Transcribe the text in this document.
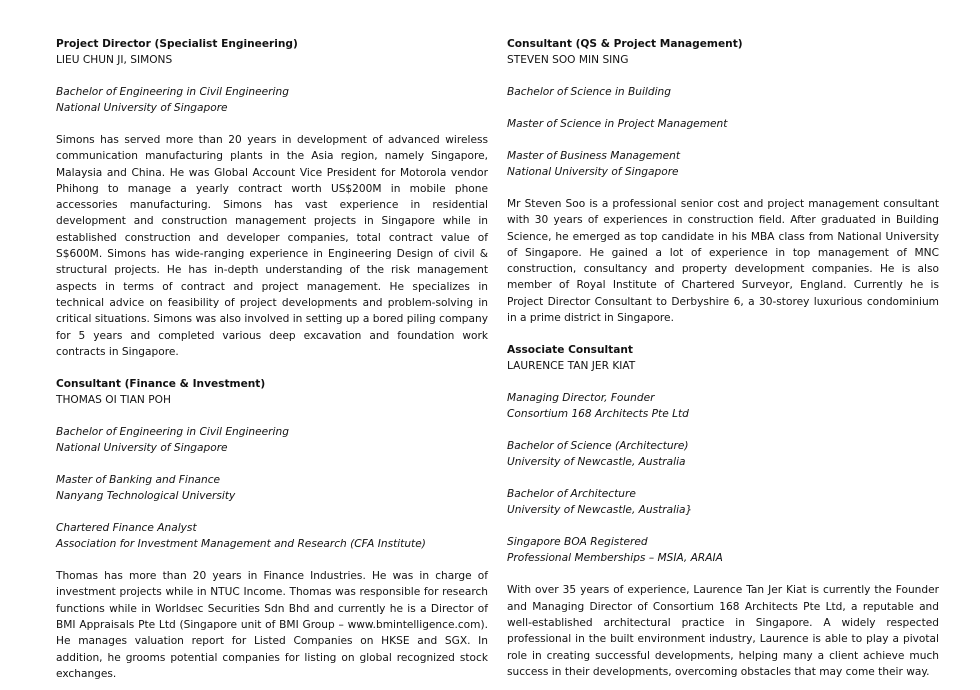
Project Director (Specialist Engineering)
LIEU CHUN JI, SIMONS
Bachelor of Engineering in Civil Engineering
National University of Singapore
Simons has served more than 20 years in development of advanced wireless communication manufacturing plants in the Asia region, namely Singapore, Malaysia and China. He was Global Account Vice President for Motorola vendor Phihong to manage a yearly contract worth US$200M in mobile phone accessories manufacturing. Simons has vast experience in residential development and construction management projects in Singapore while in established construction and developer companies, total contract value of S$600M. Simons has wide-ranging experience in Engineering Design of civil & structural projects. He has in-depth understanding of the risk management aspects in terms of contract and project management. He specializes in technical advice on feasibility of project developments and problem-solving in critical situations. Simons was also involved in setting up a bored piling company for 5 years and completed various deep excavation and foundation work contracts in Singapore.
Consultant (Finance & Investment)
THOMAS OI TIAN POH
Bachelor of Engineering in Civil Engineering
National University of Singapore
Master of Banking and Finance
Nanyang Technological University
Chartered Finance Analyst
Association for Investment Management and Research (CFA Institute)
Thomas has more than 20 years in Finance Industries. He was in charge of investment projects while in NTUC Income. Thomas was responsible for research functions while in Worldsec Securities Sdn Bhd and currently he is a Director of BMI Appraisals Pte Ltd (Singapore unit of BMI Group – www.bmintelligence.com). He manages valuation report for Listed Companies on HKSE and SGX. In addition, he grooms potential companies for listing on global recognized stock exchanges.
Consultant (QS & Project Management)
STEVEN SOO MIN SING
Bachelor of Science in Building
Master of Science in Project Management
Master of Business Management
National University of Singapore
Mr Steven Soo is a professional senior cost and project management consultant with 30 years of experiences in construction field. After graduated in Building Science, he emerged as top candidate in his MBA class from National University of Singapore. He gained a lot of experience in top management of MNC construction, consultancy and property development companies. He is also member of Royal Institute of Chartered Surveyor, England. Currently he is Project Director Consultant to Derbyshire 6, a 30-storey luxurious condominium in a prime district in Singapore.
Associate Consultant
LAURENCE TAN JER KIAT
Managing Director, Founder
Consortium 168 Architects Pte Ltd
Bachelor of Science (Architecture)
University of Newcastle, Australia
Bachelor of Architecture
University of Newcastle, Australia}
Singapore BOA Registered
Professional Memberships – MSIA, ARAIA
With over 35 years of experience, Laurence Tan Jer Kiat is currently the Founder and Managing Director of Consortium 168 Architects Pte Ltd, a reputable and well-established architectural practice in Singapore. A widely respected professional in the built environment industry, Laurence is able to play a pivotal role in creating successful developments, helping many a client achieve much success in their developments, overcoming obstacles that may come their way.
